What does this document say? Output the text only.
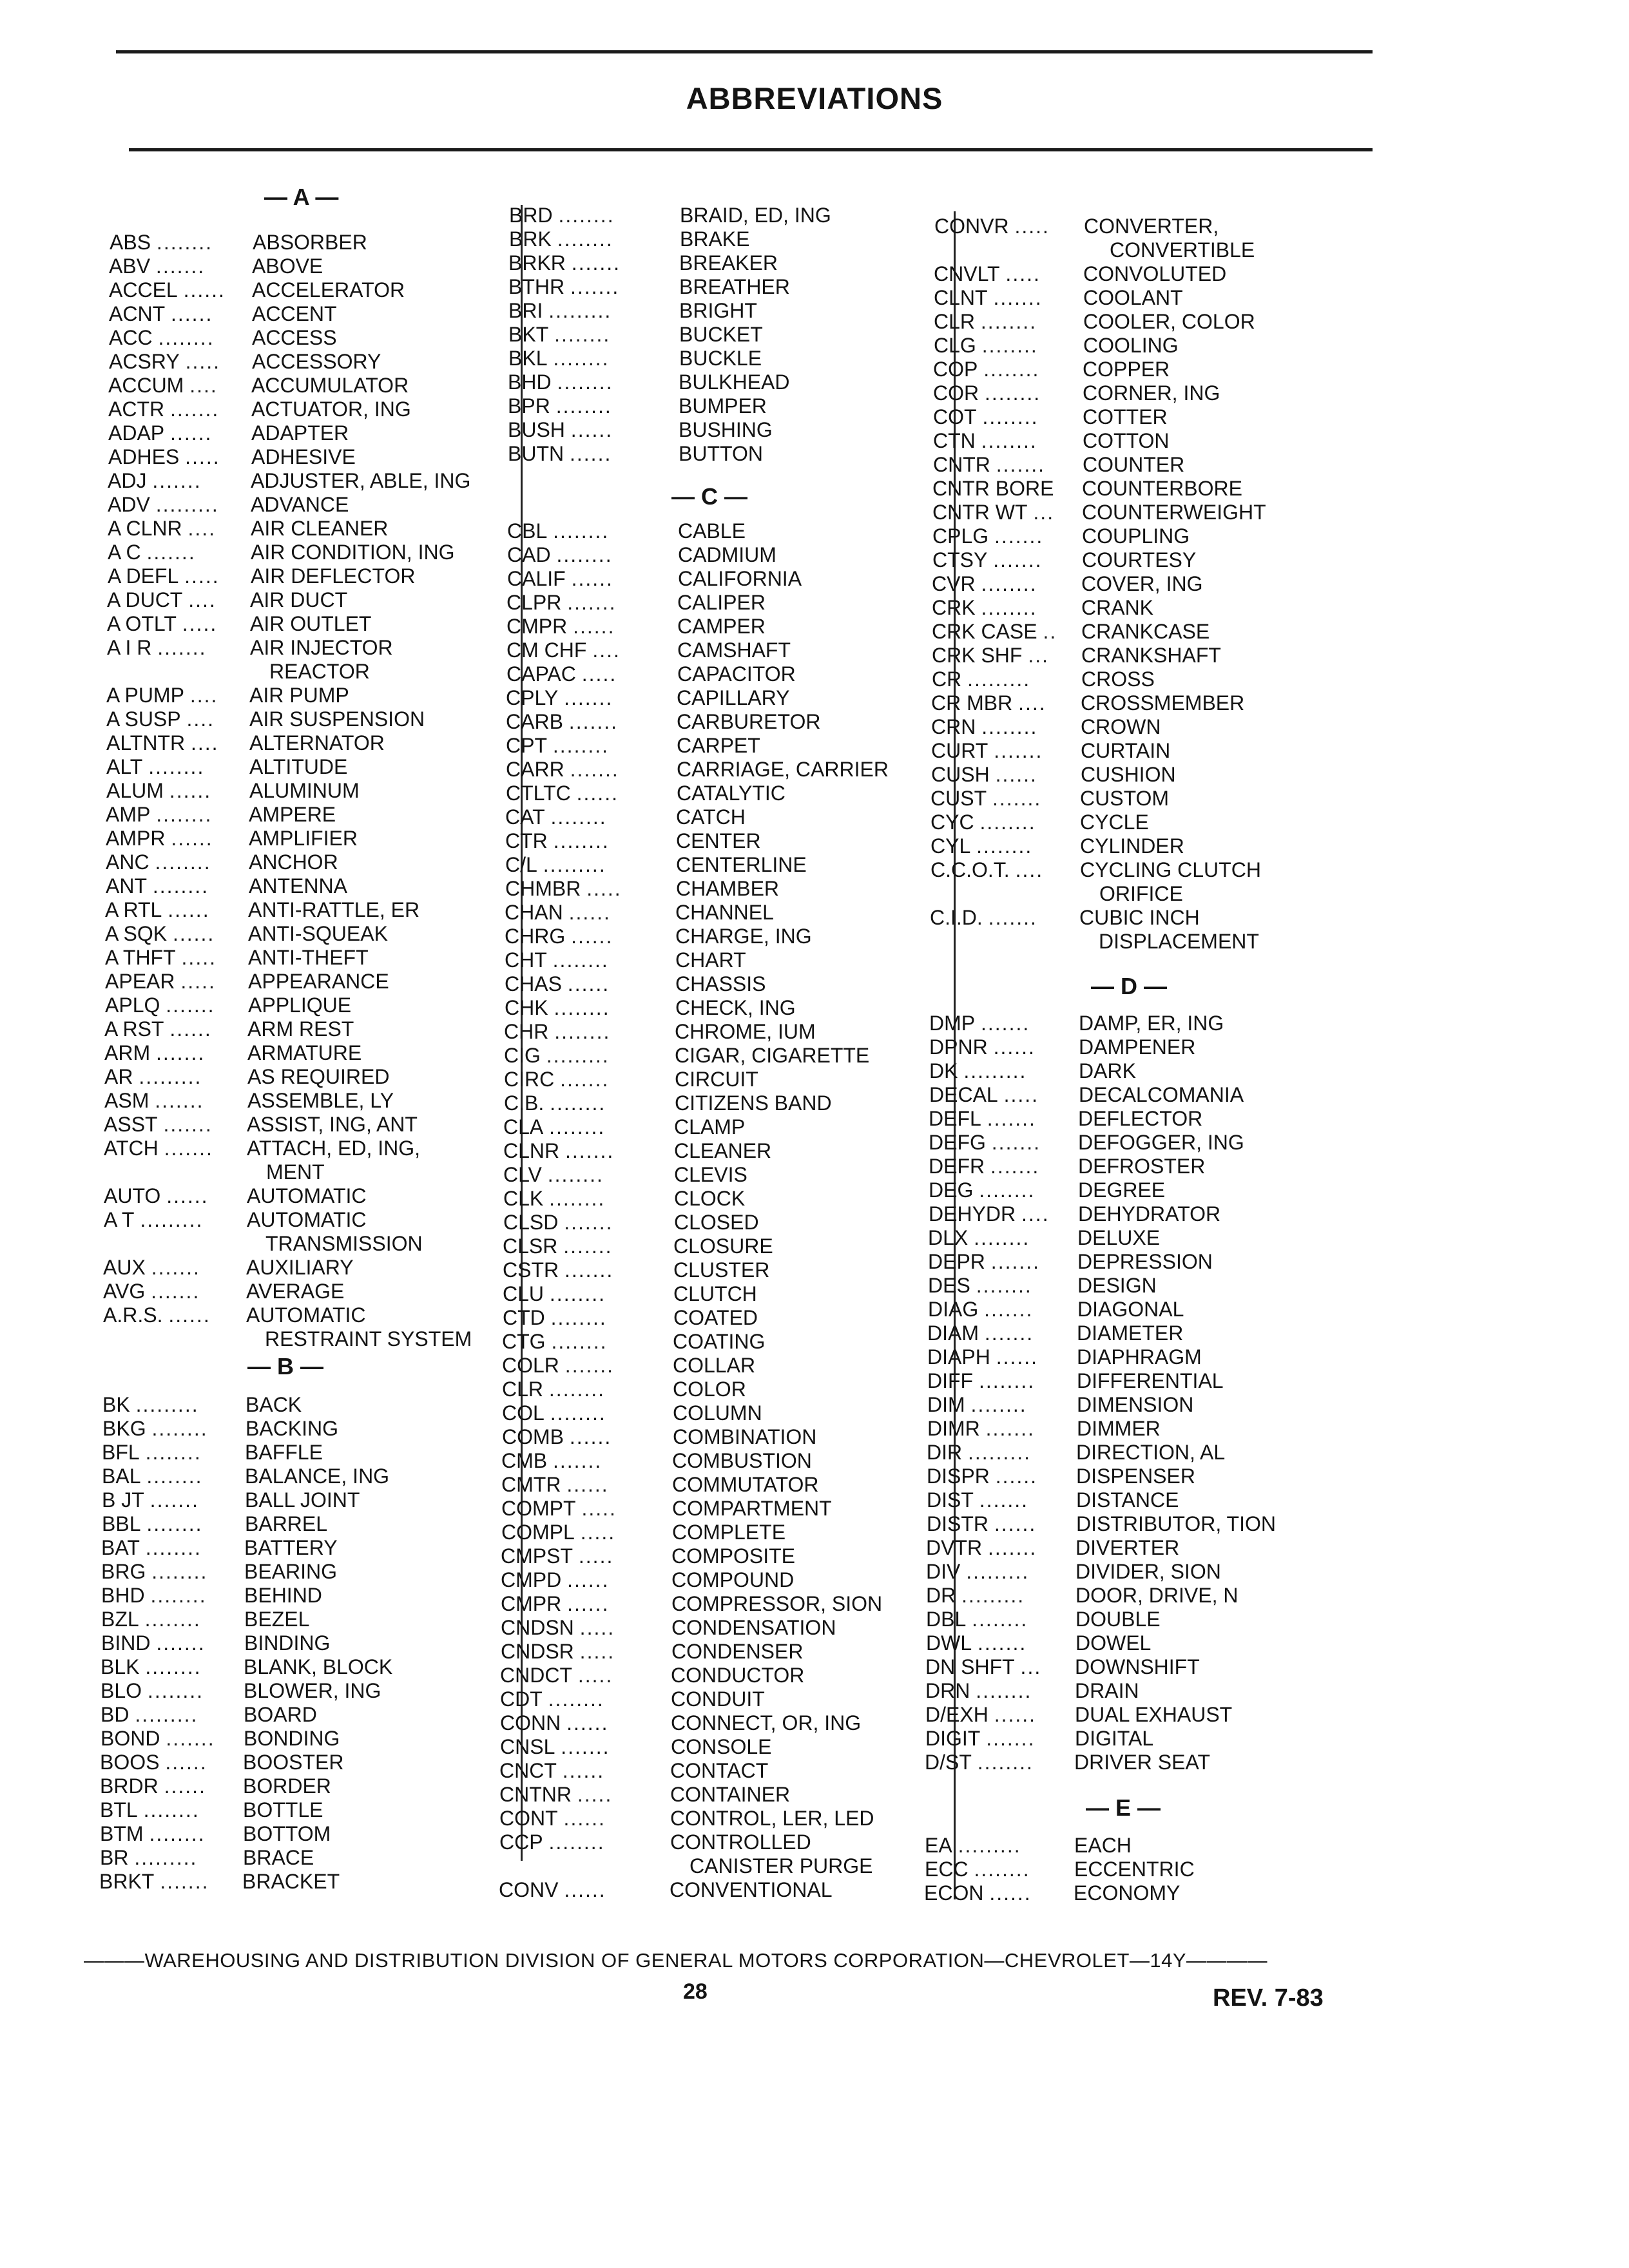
ABBREVIATIONS
— A —
ABS ........ ABSORBER
ABV ....... ABOVE
ACCEL ...... ACCELERATOR
ACNT ...... ACCENT
ACC ........ ACCESS
ACSRY ..... ACCESSORY
ACCUM .... ACCUMULATOR
ACTR ....... ACTUATOR, ING
ADAP ...... ADAPTER
ADHES ..... ADHESIVE
ADJ ....... ADJUSTER, ABLE, ING
ADV ......... ADVANCE
A CLNR .... AIR CLEANER
A C .......	AIR CONDITION, ING
A DEFL ..... AIR DEFLECTOR
A DUCT .... AIR DUCT
A OTLT ..... AIR OUTLET
A I R ....... AIR INJECTOR
REACTOR
A PUMP .... AIR PUMP
A SUSP .... AIR SUSPENSION
ALTNTR .... ALTERNATOR
ALT ........ ALTITUDE
ALUM ...... ALUMINUM
AMP ........ AMPERE
AMPR ...... AMPLIFIER
ANC ........ ANCHOR
ANT ........ ANTENNA
A RTL ...... ANTI-RATTLE, ER
A SQK ...... ANTI-SQUEAK
A THFT ..... ANTI-THEFT
APEAR ..... APPEARANCE
APLQ ....... APPLIQUE
A RST ...... ARM REST
ARM ....... ARMATURE
AR ......... AS REQUIRED
ASM ....... ASSEMBLE, LY
ASST ....... ASSIST, ING, ANT
ATCH ....... ATTACH, ED, ING,
MENT
AUTO ...... AUTOMATIC
A T ......... AUTOMATIC
TRANSMISSION
AUX ....... AUXILIARY
AVG ....... AVERAGE
A.R.S. ...... AUTOMATIC
RESTRAINT SYSTEM
— B —
BK ......... BACK
BKG ........ BACKING
BFL ........ BAFFLE
BAL ........ BALANCE, ING
B JT ....... BALL JOINT
BBL ........ BARREL
BAT ........ BATTERY
BRG ........ BEARING
BHD ........ BEHIND
BZL ........ BEZEL
BIND ....... BINDING
BLK ........ BLANK, BLOCK
BLO ........ BLOWER, ING
BD ......... BOARD
BOND ....... BONDING
BOOS ...... BOOSTER
BRDR ...... BORDER
BTL ........ BOTTLE
BTM ........ BOTTOM
BR ......... BRACE
BRKT ....... BRACKET
BRD ........	BRAID, ED, ING
BRK ........	BRAKE
BRKR .......	BREAKER
BTHR .......	BREATHER
BRI .........	BRIGHT
BKT ........	BUCKET
BKL ........	BUCKLE
BHD ........	BULKHEAD
BPR ........	BUMPER
BUSH ......	BUSHING
BUTN ......	BUTTON
— C —
CBL ........	CABLE
CAD ........	CADMIUM
CALIF ......	CALIFORNIA
CLPR .......	CALIPER
CMPR ......	CAMPER
CM CHF ....	CAMSHAFT
CAPAC .....	CAPACITOR
CPLY .......	CAPILLARY
CARB .......	CARBURETOR
CPT ........	CARPET
CARR .......	CARRIAGE, CARRIER
CTLTC ......	CATALYTIC
CAT ........	CATCH
CTR ........	CENTER
C/L .........	CENTERLINE
CHMBR .....	CHAMBER
CHAN ......	CHANNEL
CHRG ......	CHARGE, ING
CHT ........	CHART
CHAS ......	CHASSIS
CHK ........	CHECK, ING
CHR ........	CHROME, IUM
CIG .........	CIGAR, CIGARETTE
CIRC .......	CIRCUIT
C.B. ........	CITIZENS BAND
CLA ........	CLAMP
CLNR .......	CLEANER
CLV ........	CLEVIS
CLK ........	CLOCK
CLSD .......	CLOSED
CLSR .......	CLOSURE
CSTR .......	CLUSTER
CLU ........	CLUTCH
CTD ........	COATED
CTG ........	COATING
COLR .......	COLLAR
CLR ........	COLOR
COL ........	COLUMN
COMB ......	COMBINATION
CMB .......	COMBUSTION
CMTR ......	COMMUTATOR
COMPT .....	COMPARTMENT
COMPL .....	COMPLETE
CMPST .....	COMPOSITE
CMPD ......	COMPOUND
CMPR ......	COMPRESSOR, SION
CNDSN .....	CONDENSATION
CNDSR .....	CONDENSER
CNDCT .....	CONDUCTOR
CDT ........	CONDUIT
CONN ......	CONNECT, OR, ING
CNSL .......	CONSOLE
CNCT ......	CONTACT
CNTNR .....	CONTAINER
CONT ......	CONTROL, LER, LED
CCP ........	CONTROLLED
CANISTER PURGE
CONV ......	CONVENTIONAL
CONVR ..... CONVERTER,
CONVERTIBLE
CNVLT ..... CONVOLUTED
CLNT ....... COOLANT
CLR ........ COOLER, COLOR
CLG ........ COOLING
COP ........ COPPER
COR ........ CORNER, ING
COT ........ COTTER
CTN ........ COTTON
CNTR ....... COUNTER
CNTR BORE COUNTERBORE
CNTR WT ... COUNTERWEIGHT
CPLG ....... COUPLING
CTSY ....... COURTESY
CVR ........ COVER, ING
CRK ........ CRANK
CRK CASE .. CRANKCASE
CRK SHF ... CRANKSHAFT
CR ......... CROSS
CR MBR .... CROSSMEMBER
CRN ........ CROWN
CURT ....... CURTAIN
CUSH ...... CUSHION
CUST ....... CUSTOM
CYC ........ CYCLE
CYL ........ CYLINDER
C.C.O.T. .... CYCLING CLUTCH
ORIFICE
C.I.D. ....... CUBIC INCH
DISPLACEMENT
— D —
DMP ....... DAMP, ER, ING
DPNR ...... DAMPENER
DK .........	DARK
DECAL ..... DECALCOMANIA
DEFL ....... DEFLECTOR
DEFG ....... DEFOGGER, ING
DEFR ....... DEFROSTER
DEG ........ DEGREE
DEHYDR .... DEHYDRATOR
DLX ........ DELUXE
DEPR ....... DEPRESSION
DES ........ DESIGN
DIAG ....... DIAGONAL
DIAM ....... DIAMETER
DIAPH ...... DIAPHRAGM
DIFF ........ DIFFERENTIAL
DIM ........ DIMENSION
DIMR ....... DIMMER
DIR ......... DIRECTION, AL
DISPR ...... DISPENSER
DIST ....... DISTANCE
DISTR ...... DISTRIBUTOR, TION
DVTR ....... DIVERTER
DIV ......... DIVIDER, SION
DR ......... DOOR, DRIVE, N
DBL ........ DOUBLE
DWL ....... DOWEL
DN SHFT ... DOWNSHIFT
DRN ........ DRAIN
D/EXH ...... DUAL EXHAUST
DIGIT ....... DIGITAL
D/ST ........ DRIVER SEAT
— E —
EA .........	EACH
ECC ........ ECCENTRIC
ECON ...... ECONOMY
———WAREHOUSING AND DISTRIBUTION DIVISION OF GENERAL MOTORS CORPORATION—CHEVROLET—14Y————
28	REV. 7-83
